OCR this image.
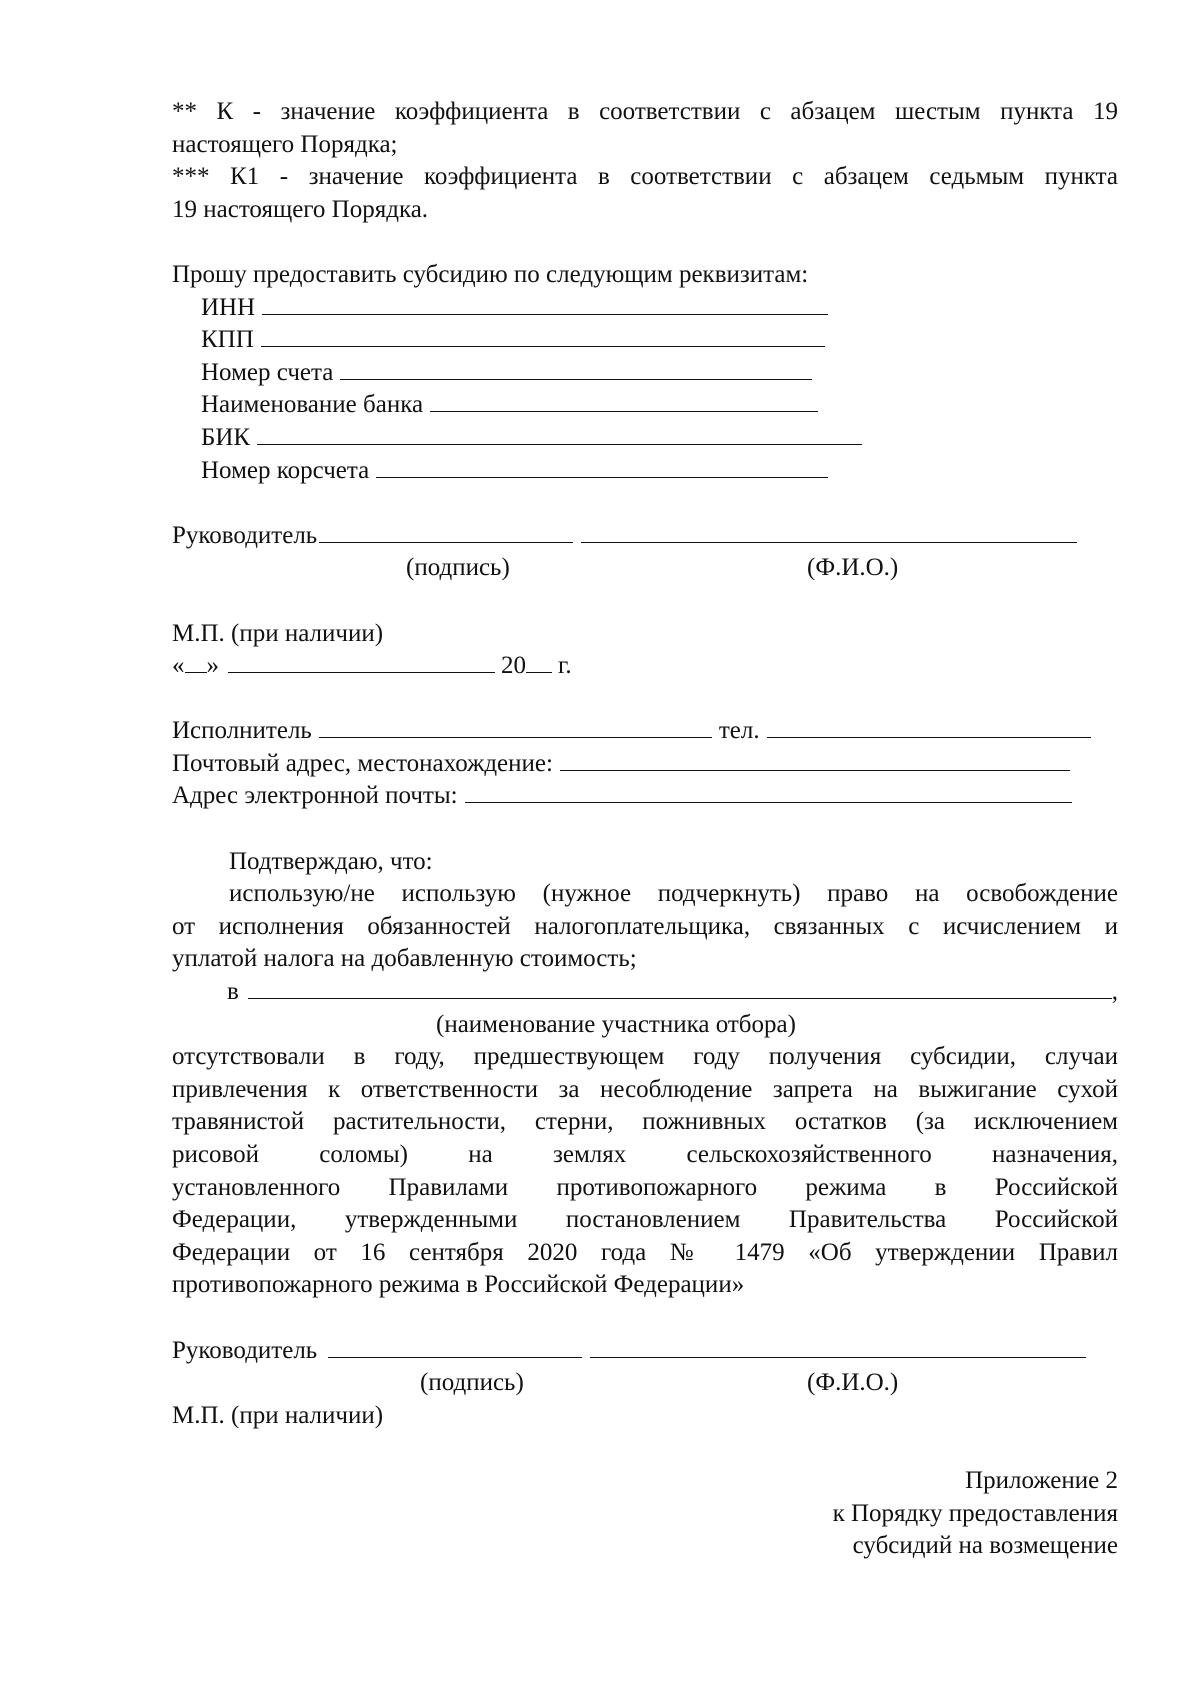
** К - значение коэффициента в соответствии с абзацем шестым пункта 19
настоящего Порядка;
*** К1 - значение коэффициента в соответствии с абзацем седьмым пункта
19 настоящего Порядка.
Прошу предоставить субсидию по следующим реквизитам:
ИНН
КПП
Номер счета
Наименование банка
БИК
Номер корсчета
Руководитель
(подпись)	(Ф.И.О.)
М.П. (при наличии)
« »	20 г.
Исполнитель	тел.
Почтовый адрес, местонахождение:
Адрес электронной почты:
Подтверждаю, что:
использую/не использую (нужное подчеркнуть) право на освобождение
от исполнения обязанностей налогоплательщика, связанных с исчислением и
уплатой налога на добавленную стоимость;
в	,
(наименование участника отбора)
отсутствовали в году, предшествующем году получения субсидии, случаи
привлечения к ответственности за несоблюдение запрета на выжигание сухой
травянистой растительности, стерни, пожнивных остатков (за исключением
рисовой соломы) на землях сельскохозяйственного назначения,
установленного Правилами противопожарного режима в Российской
Федерации, утвержденными постановлением Правительства Российской
Федерации от 16 сентября 2020 года № 1479 «Об утверждении Правил
противопожарного режима в Российской Федерации»
Руководитель
(подпись)	(Ф.И.О.)
М.П. (при наличии)
Приложение 2
к Порядку предоставления
субсидий на возмещение
